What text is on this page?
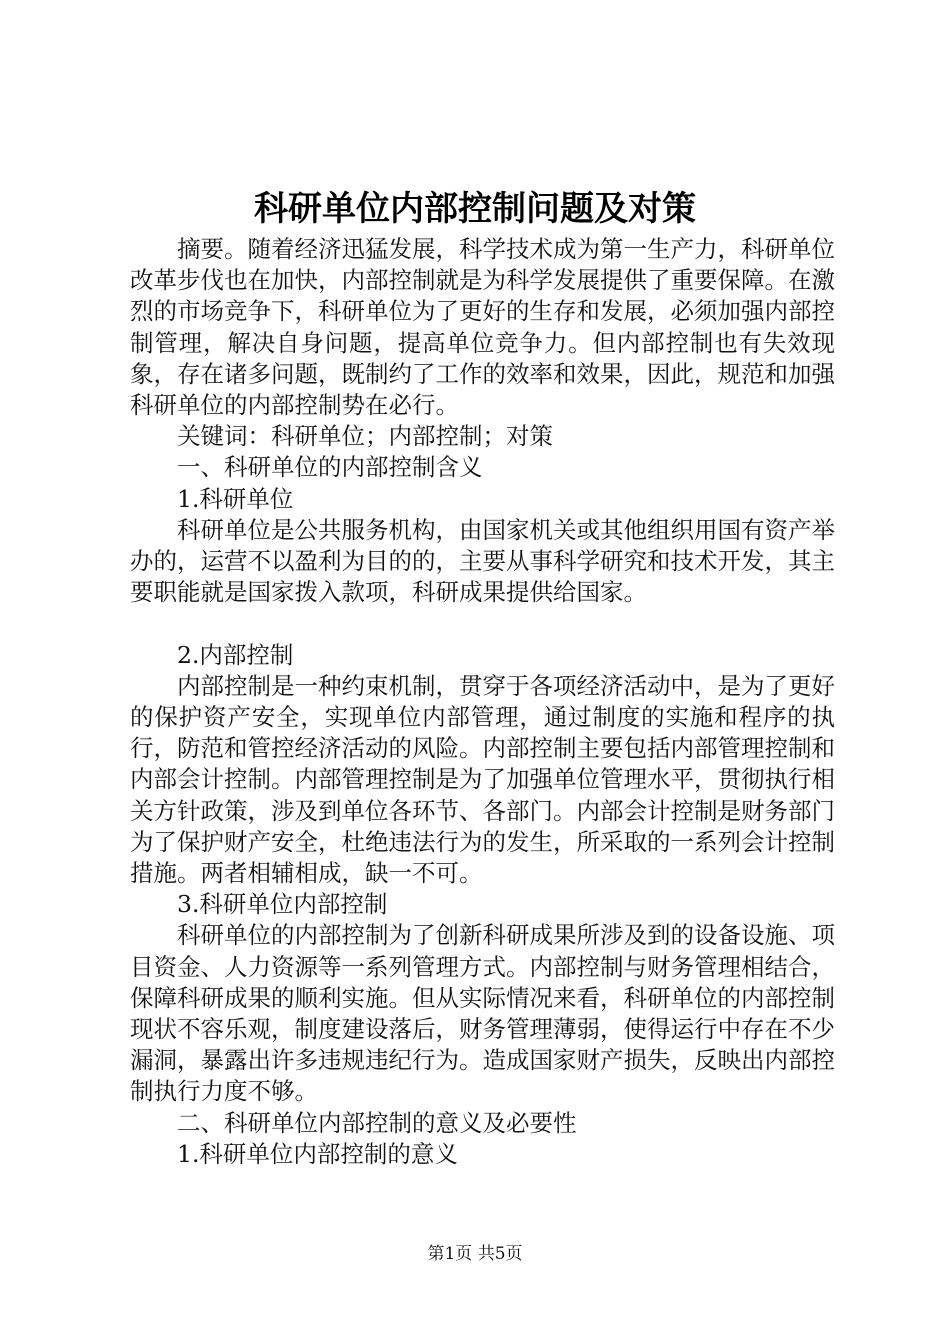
科研单位内部控制问题及对策

摘要。随着经济迅猛发展，科学技术成为第一生产力，科研单位改革步伐也在加快，内部控制就是为科学发展提供了重要保障。在激烈的市场竞争下，科研单位为了更好的生存和发展，必须加强内部控制管理，解决自身问题，提高单位竞争力。但内部控制也有失效现象，存在诸多问题，既制约了工作的效率和效果，因此，规范和加强科研单位的内部控制势在必行。

关键词：科研单位；内部控制；对策

一、科研单位的内部控制含义

1.科研单位

科研单位是公共服务机构，由国家机关或其他组织用国有资产举办的，运营不以盈利为目的的，主要从事科学研究和技术开发，其主要职能就是国家拨入款项，科研成果提供给国家。

2.内部控制

内部控制是一种约束机制，贯穿于各项经济活动中，是为了更好的保护资产安全，实现单位内部管理，通过制度的实施和程序的执行，防范和管控经济活动的风险。内部控制主要包括内部管理控制和内部会计控制。内部管理控制是为了加强单位管理水平，贯彻执行相关方针政策，涉及到单位各环节、各部门。内部会计控制是财务部门为了保护财产安全，杜绝违法行为的发生，所采取的一系列会计控制措施。两者相辅相成，缺一不可。

3.科研单位内部控制

科研单位的内部控制为了创新科研成果所涉及到的设备设施、项目资金、人力资源等一系列管理方式。内部控制与财务管理相结合，保障科研成果的顺利实施。但从实际情况来看，科研单位的内部控制现状不容乐观，制度建设落后，财务管理薄弱，使得运行中存在不少漏洞，暴露出许多违规违纪行为。造成国家财产损失，反映出内部控制执行力度不够。

二、科研单位内部控制的意义及必要性

1.科研单位内部控制的意义

第1页 共5页
